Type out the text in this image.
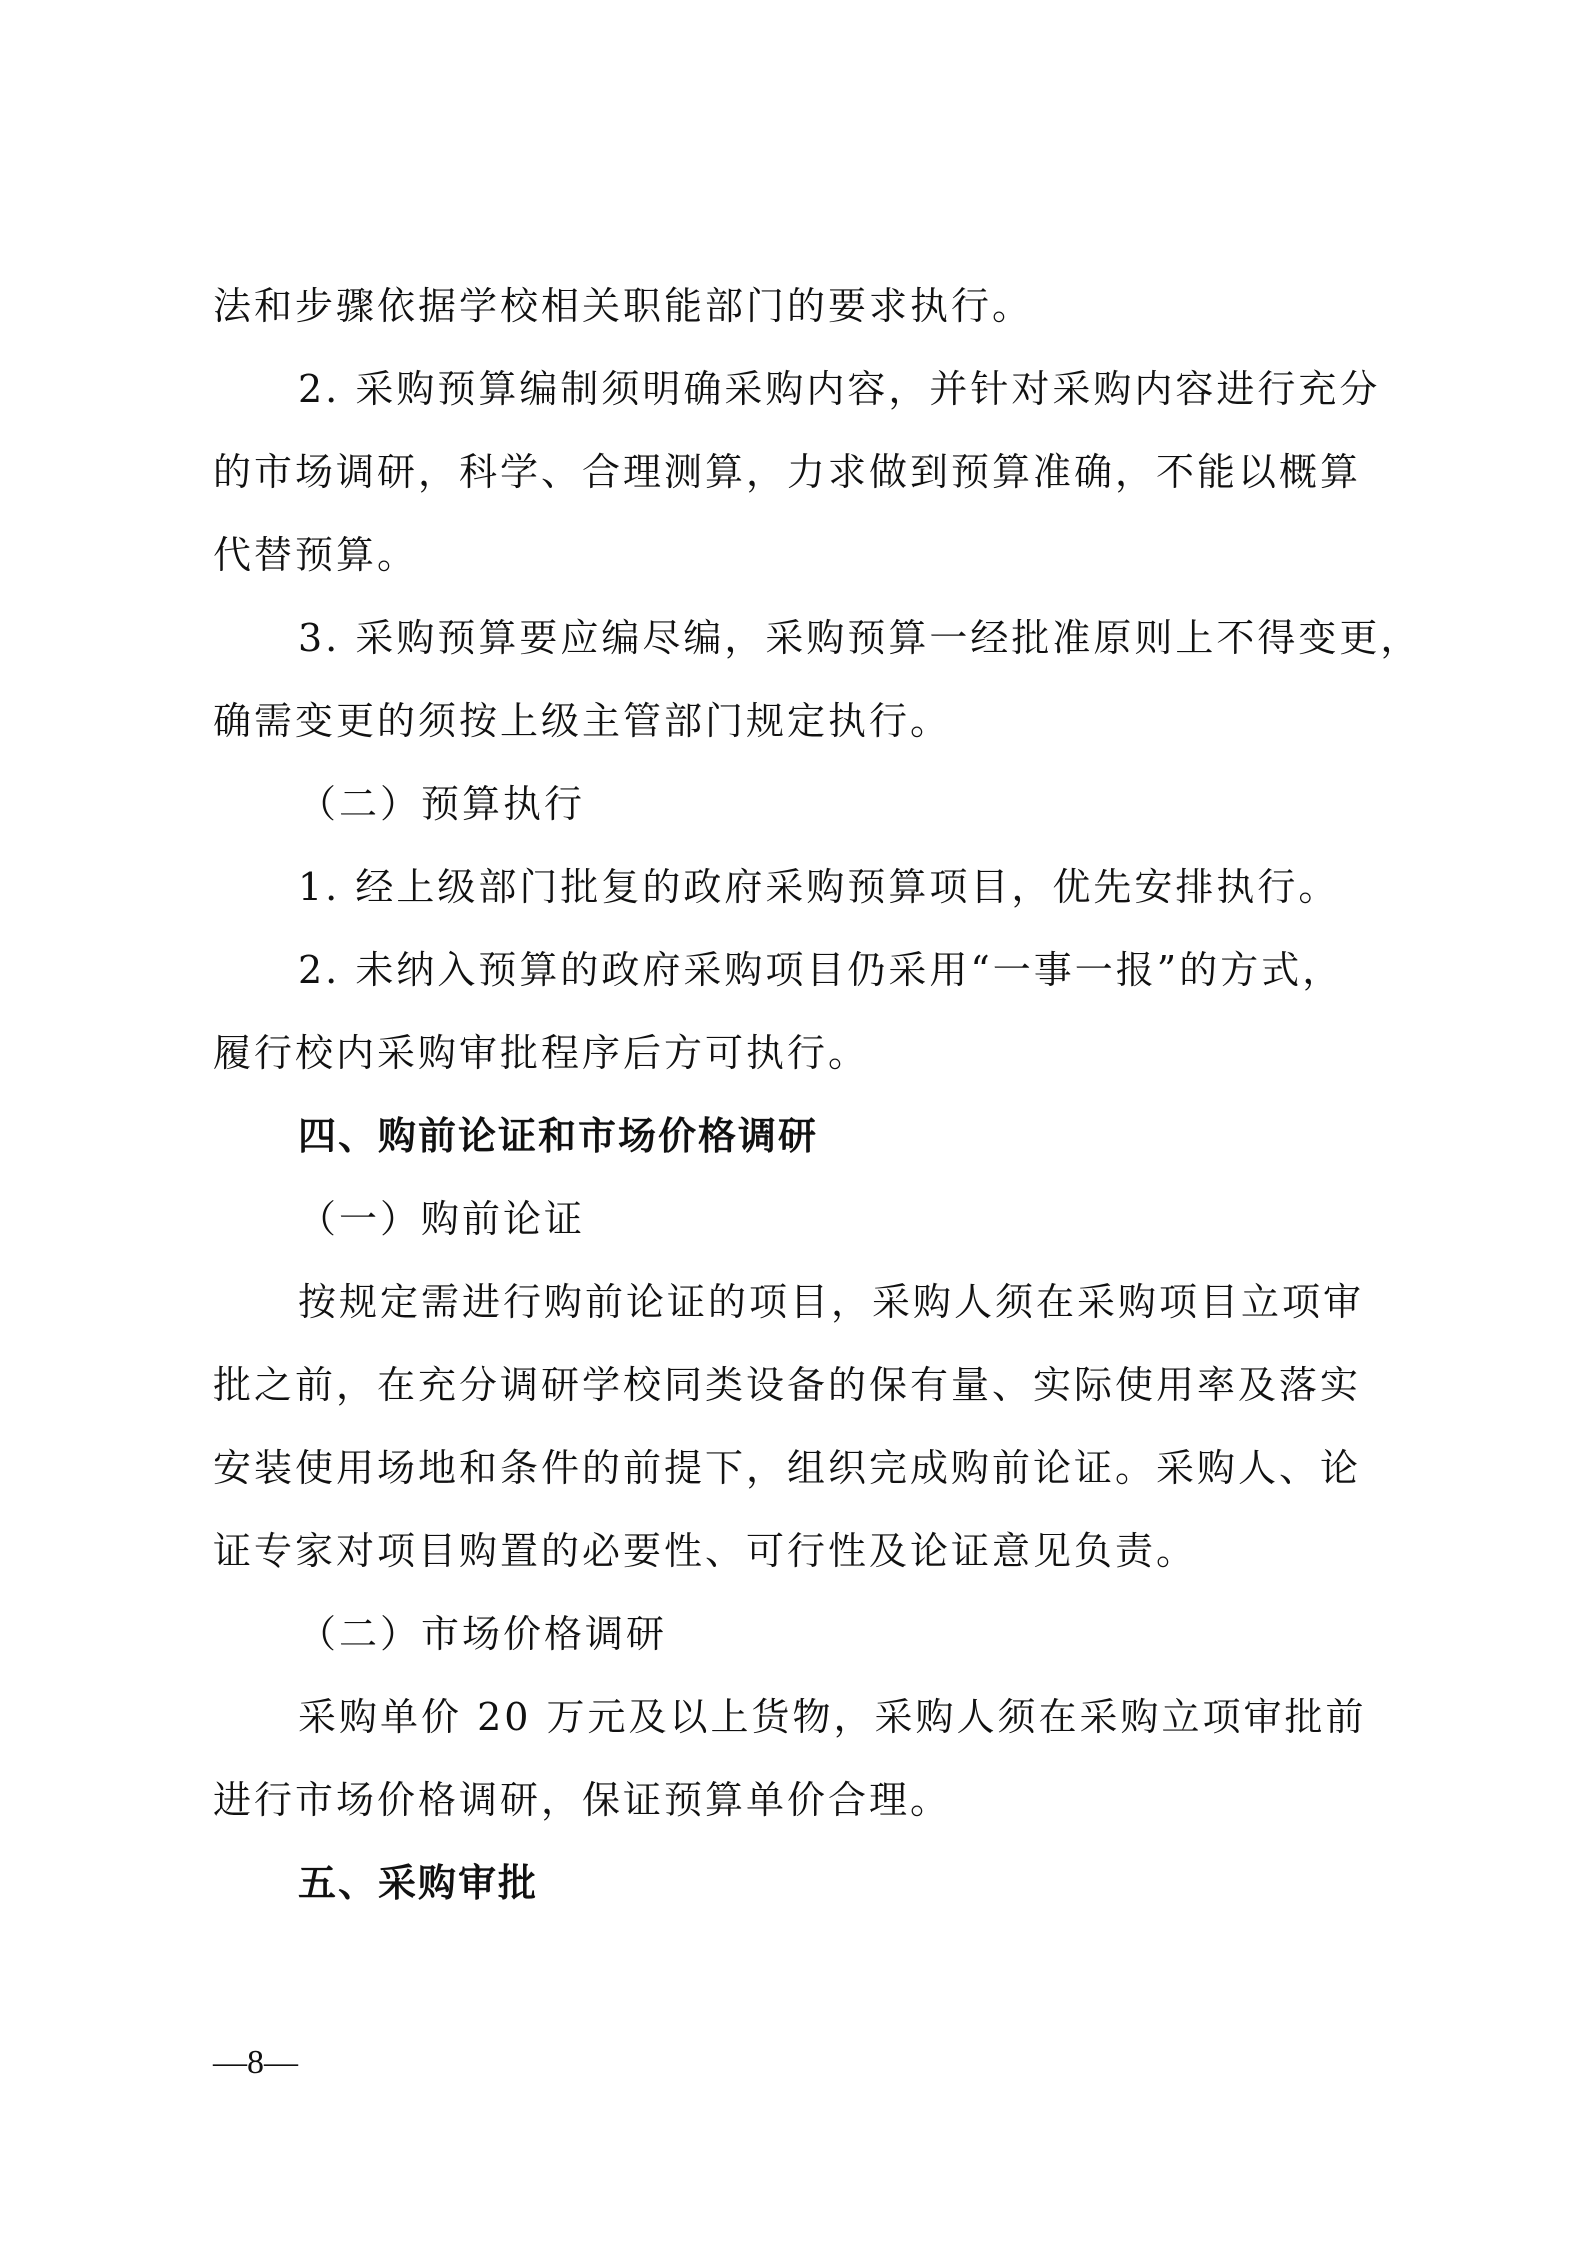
法和步骤依据学校相关职能部门的要求执行。
2. 采购预算编制须明确采购内容，并针对采购内容进行充分
的市场调研，科学、合理测算，力求做到预算准确，不能以概算
代替预算。
3. 采购预算要应编尽编，采购预算一经批准原则上不得变更，
确需变更的须按上级主管部门规定执行。
（二）预算执行
1. 经上级部门批复的政府采购预算项目，优先安排执行。
2. 未纳入预算的政府采购项目仍采用“一事一报”的方式，
履行校内采购审批程序后方可执行。
四、购前论证和市场价格调研
（一）购前论证
按规定需进行购前论证的项目，采购人须在采购项目立项审
批之前，在充分调研学校同类设备的保有量、实际使用率及落实
安装使用场地和条件的前提下，组织完成购前论证。采购人、论
证专家对项目购置的必要性、可行性及论证意见负责。
（二）市场价格调研
采购单价 20 万元及以上货物，采购人须在采购立项审批前
进行市场价格调研，保证预算单价合理。
五、采购审批
—8—
